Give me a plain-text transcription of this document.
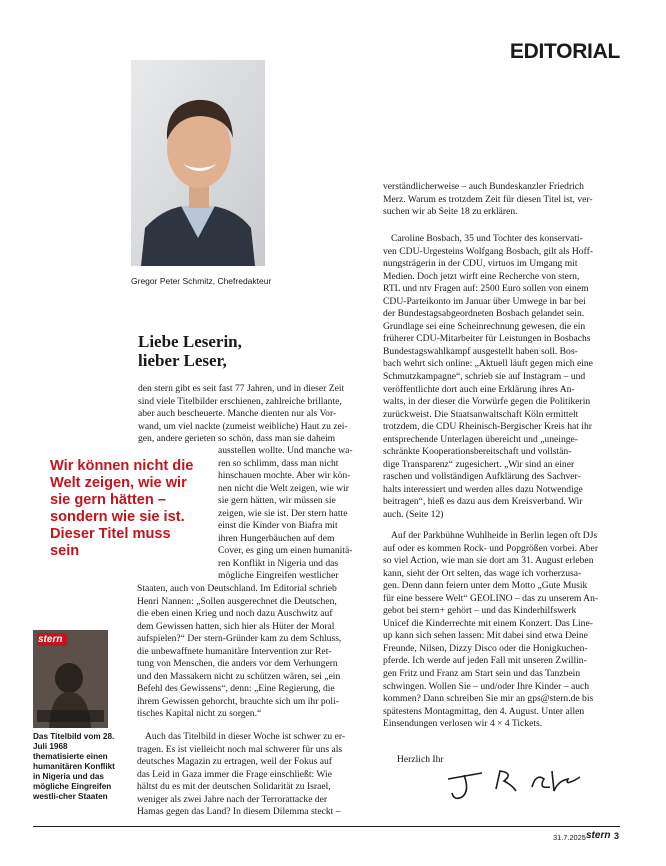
EDITORIAL
Gregor Peter Schmitz, Chefredakteur
Liebe Leserin,
lieber Leser,

den stern gibt es seit fast 77 Jahren, und in dieser Zeit

sind viele Titelbilder erschienen, zahlreiche brillante,

aber auch bescheuerte. Manche dienten nur als Vor-

wand, um viel nackte (zumeist weibliche) Haut zu zei-

gen, andere gerieten so schön, dass man sie daheim

ausstellen wollte. Und manche wa-

ren so schlimm, dass man nicht

hinschauen mochte. Aber wir kön-

nen nicht die Welt zeigen, wie wir

sie gern hätten, wir müssen sie

zeigen, wie sie ist. Der stern hatte

einst die Kinder von Biafra mit

ihren Hungerbäuchen auf dem

Cover, es ging um einen humanitä-

ren Konflikt in Nigeria und das

mögliche Eingreifen westlicher

Staaten, auch von Deutschland. Im Editorial schrieb

Henri Nannen: „Sollen ausgerechnet die Deutschen,

die eben einen Krieg und noch dazu Auschwitz auf

dem Gewissen hatten, sich hier als Hüter der Moral

aufspielen?“ Der stern-Gründer kam zu dem Schluss,

die unbewaffnete humanitäre Intervention zur Ret-

tung von Menschen, die anders vor dem Verhungern

und den Massakern nicht zu schützen wären, sei „ein

Befehl des Gewissens“, denn: „Eine Regierung, die

ihrem Gewissen gehorcht, brauchte sich um ihr poli-

tisches Kapital nicht zu sorgen.“

Auch das Titelbild in dieser Woche ist schwer zu er-

tragen. Es ist vielleicht noch mal schwerer für uns als

deutsches Magazin zu ertragen, weil der Fokus auf

das Leid in Gaza immer die Frage einschließt: Wie

hältst du es mit der deutschen Solidarität zu Israel,

weniger als zwei Jahre nach der Terrorattacke der

Hamas gegen das Land? In diesem Dilemma steckt –

Wir können nicht die Welt zeigen, wie wir sie gern hätten – sondern wie sie ist. Dieser Titel muss sein
stern
Das Titelbild vom 28. Juli 1968 thematisierte einen humanitären Konflikt in Nigeria und das mögliche Eingreifen westli-cher Staaten

verständlicherweise – auch Bundeskanzler Friedrich

Merz. Warum es trotzdem Zeit für diesen Titel ist, ver-

suchen wir ab Seite 18 zu erklären.

Caroline Bosbach, 35 und Tochter des konservati-

ven CDU-Urgesteins Wolfgang Bosbach, gilt als Hoff-

nungsträgerin in der CDU, virtuos im Umgang mit

Medien. Doch jetzt wirft eine Recherche von stern,

RTL und ntv Fragen auf: 2500 Euro sollen von einem

CDU-Parteikonto im Januar über Umwege in bar bei

der Bundestagsabgeordneten Bosbach gelandet sein.

Grundlage sei eine Scheinrechnung gewesen, die ein

früherer CDU-Mitarbeiter für Leistungen in Bosbachs

Bundestagswahlkampf ausgestellt haben soll. Bos-

bach wehrt sich online: „Aktuell läuft gegen mich eine

Schmutzkampagne“, schrieb sie auf Instagram – und

veröffentlichte dort auch eine Erklärung ihres An-

walts, in der dieser die Vorwürfe gegen die Politikerin

zurückweist. Die Staatsanwaltschaft Köln ermittelt

trotzdem, die CDU Rheinisch-Bergischer Kreis hat ihr

entsprechende Unterlagen übereicht und „uneinge-

schränkte Kooperationsbereitschaft und vollstän-

dige Transparenz“ zugesichert. „Wir sind an einer

raschen und vollständigen Aufklärung des Sachver-

halts interessiert und werden alles dazu Notwendige

beitragen“, hieß es dazu aus dem Kreisverband. Wir

auch. (Seite 12)

Auf der Parkbühne Wuhlheide in Berlin legen oft DJs

auf oder es kommen Rock- und Popgrößen vorbei. Aber

so viel Action, wie man sie dort am 31. August erleben

kann, sieht der Ort selten, das wage ich vorherzusa-

gen. Denn dann feiern unter dem Motto „Gute Musik

für eine bessere Welt“ GEOLINO – das zu unserem An-

gebot bei stern+ gehört – und das Kinderhilfswerk

Unicef die Kinderrechte mit einem Konzert. Das Line-

up kann sich sehen lassen: Mit dabei sind etwa Deine

Freunde, Nilsen, Dizzy Disco oder die Honigkuchen-

pferde. Ich werde auf jeden Fall mit unseren Zwillin-

gen Fritz und Franz am Start sein und das Tanzbein

schwingen. Wollen Sie – und/oder Ihre Kinder – auch

kommen? Dann schreiben Sie mir an gps@stern.de bis

spätestens Montagmittag, den 4. August. Unter allen

Einsendungen verlosen wir 4 × 4 Tickets.

Herzlich Ihr
31.7.2025 stern 3
